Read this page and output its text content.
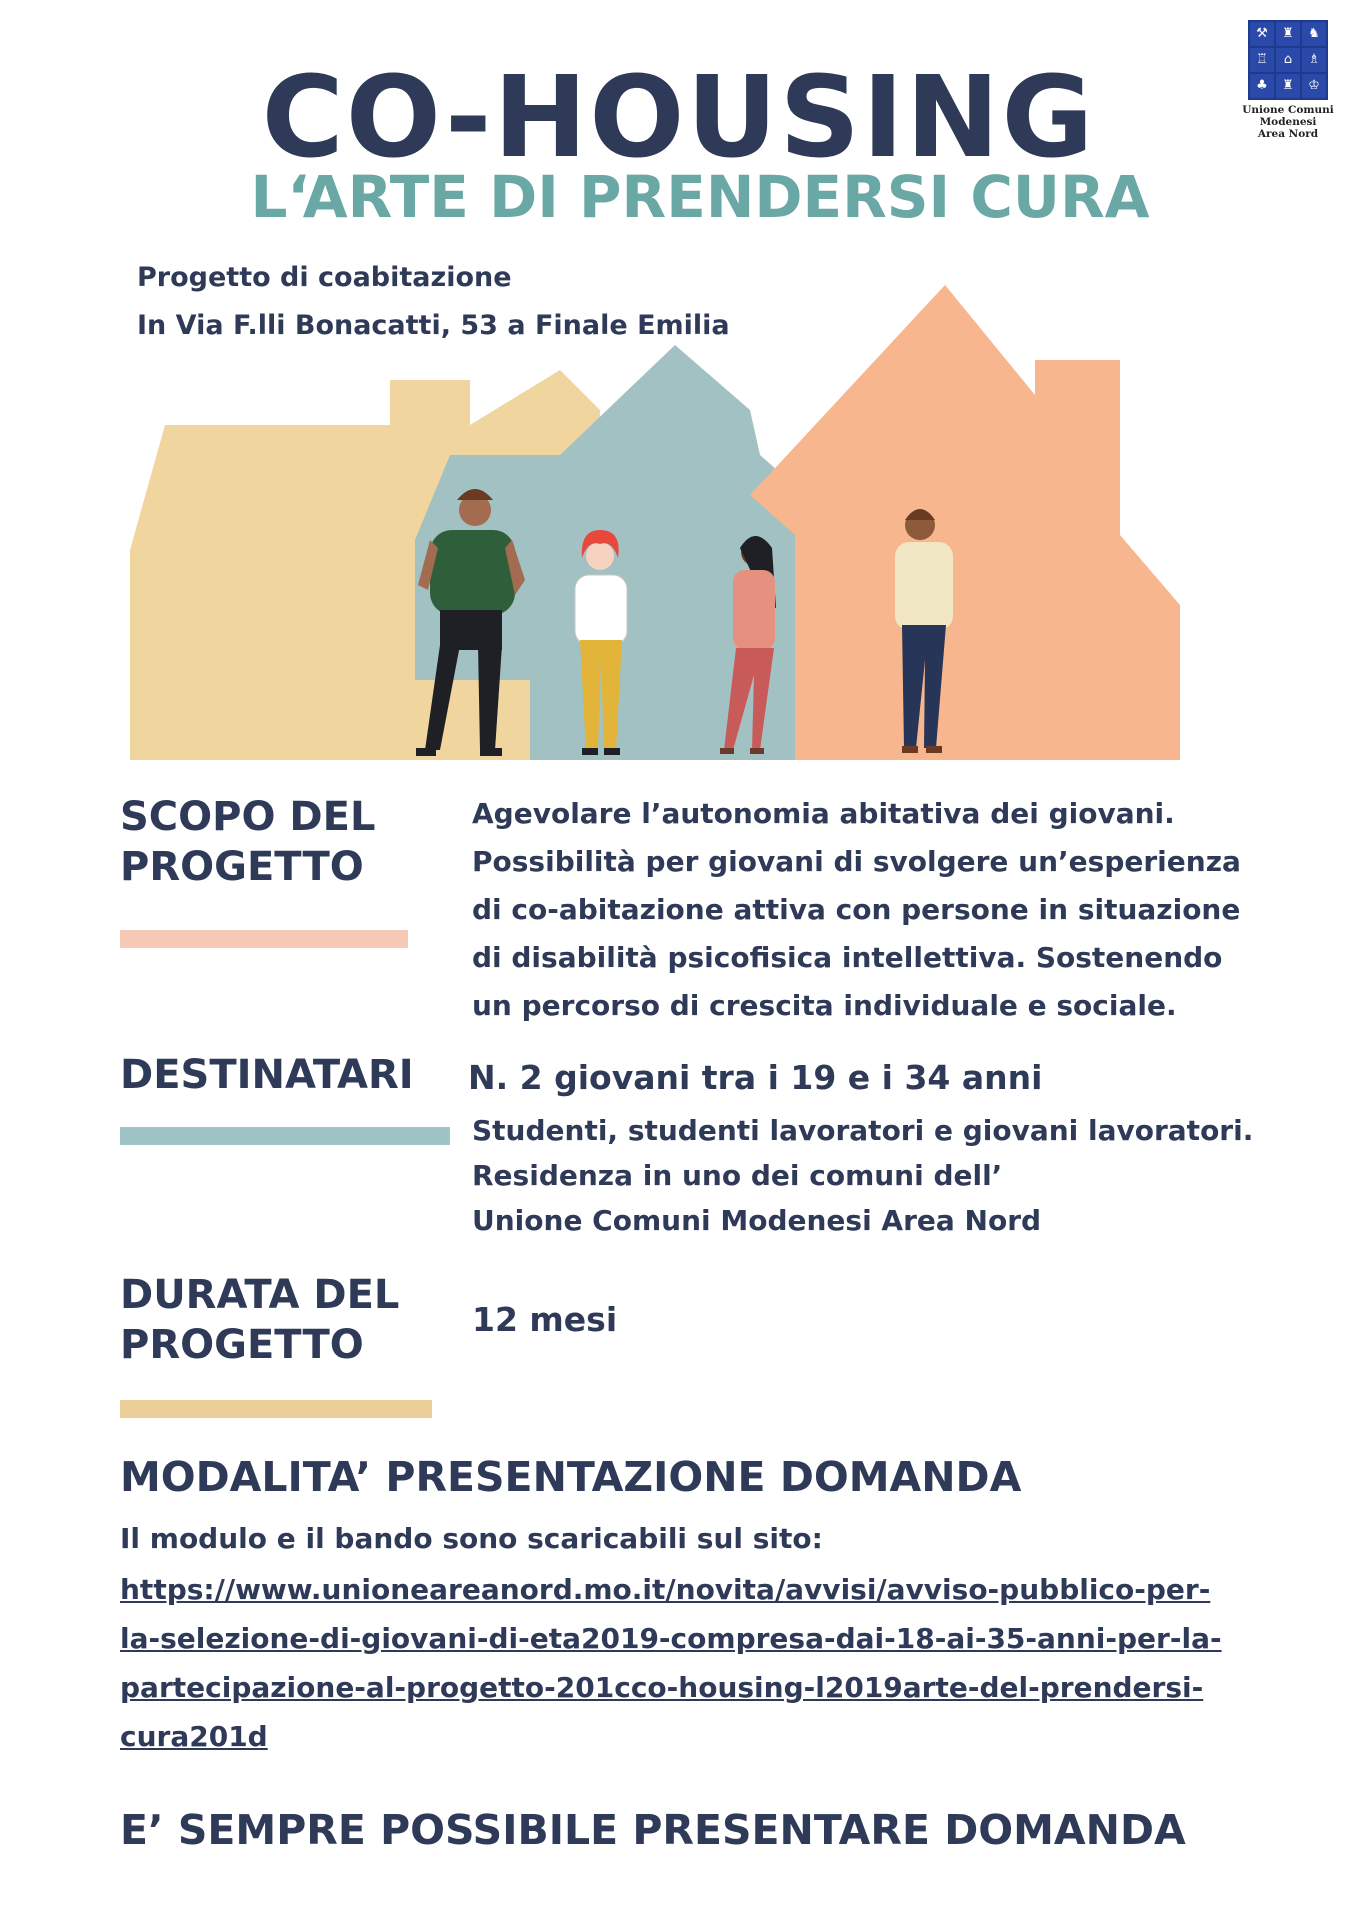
CO-HOUSING
L‘ARTE DI PRENDERSI CURA
⚒	♜	♞
♖	⌂	♗
♣	♜	♔
Unione Comuni
Modenesi
Area Nord
Progetto di coabitazione
In Via F.lli Bonacatti, 53 a Finale Emilia
SCOPO DEL
PROGETTO
Agevolare l’autonomia abitativa dei giovani.
Possibilità per giovani di svolgere un’esperienza
di co-abitazione attiva con persone in situazione
di disabilità psicofisica intellettiva. Sostenendo
un percorso di crescita individuale e sociale.
DESTINATARI N. 2 giovani tra i 19 e i 34 anni
Studenti, studenti lavoratori e giovani lavoratori.
Residenza in uno dei comuni dell’
Unione Comuni Modenesi Area Nord
DURATA DEL
PROGETTO
12 mesi
MODALITA’ PRESENTAZIONE DOMANDA
Il modulo e il bando sono scaricabili sul sito:
https://www.unioneareanord.mo.it/novita/avvisi/avviso-pubblico-per-
la-selezione-di-giovani-di-eta2019-compresa-dai-18-ai-35-anni-per-la-
partecipazione-al-progetto-201cco-housing-l2019arte-del-prendersi-
cura201d
E’ SEMPRE POSSIBILE PRESENTARE DOMANDA
